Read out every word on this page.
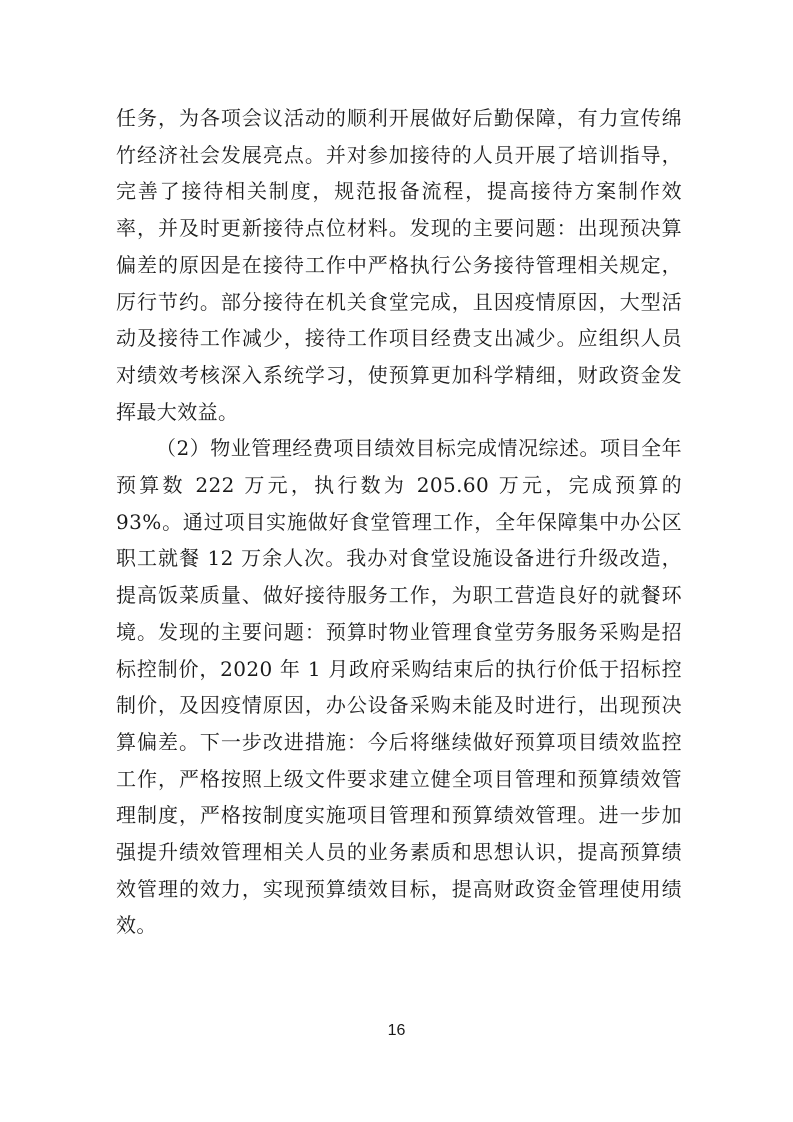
任务，为各项会议活动的顺利开展做好后勤保障，有力宣传绵竹经济社会发展亮点。并对参加接待的人员开展了培训指导，完善了接待相关制度，规范报备流程，提高接待方案制作效率，并及时更新接待点位材料。发现的主要问题：出现预决算偏差的原因是在接待工作中严格执行公务接待管理相关规定，厉行节约。部分接待在机关食堂完成，且因疫情原因，大型活动及接待工作减少，接待工作项目经费支出减少。应组织人员对绩效考核深入系统学习，使预算更加科学精细，财政资金发挥最大效益。

（2）物业管理经费项目绩效目标完成情况综述。项目全年预算数 222 万元，执行数为 205.60 万元，完成预算的 93%。通过项目实施做好食堂管理工作，全年保障集中办公区职工就餐 12 万余人次。我办对食堂设施设备进行升级改造，提高饭菜质量、做好接待服务工作，为职工营造良好的就餐环境。发现的主要问题：预算时物业管理食堂劳务服务采购是招标控制价，2020 年 1 月政府采购结束后的执行价低于招标控制价，及因疫情原因，办公设备采购未能及时进行，出现预决算偏差。下一步改进措施：今后将继续做好预算项目绩效监控工作，严格按照上级文件要求建立健全项目管理和预算绩效管理制度，严格按制度实施项目管理和预算绩效管理。进一步加强提升绩效管理相关人员的业务素质和思想认识，提高预算绩效管理的效力，实现预算绩效目标，提高财政资金管理使用绩效。

16
